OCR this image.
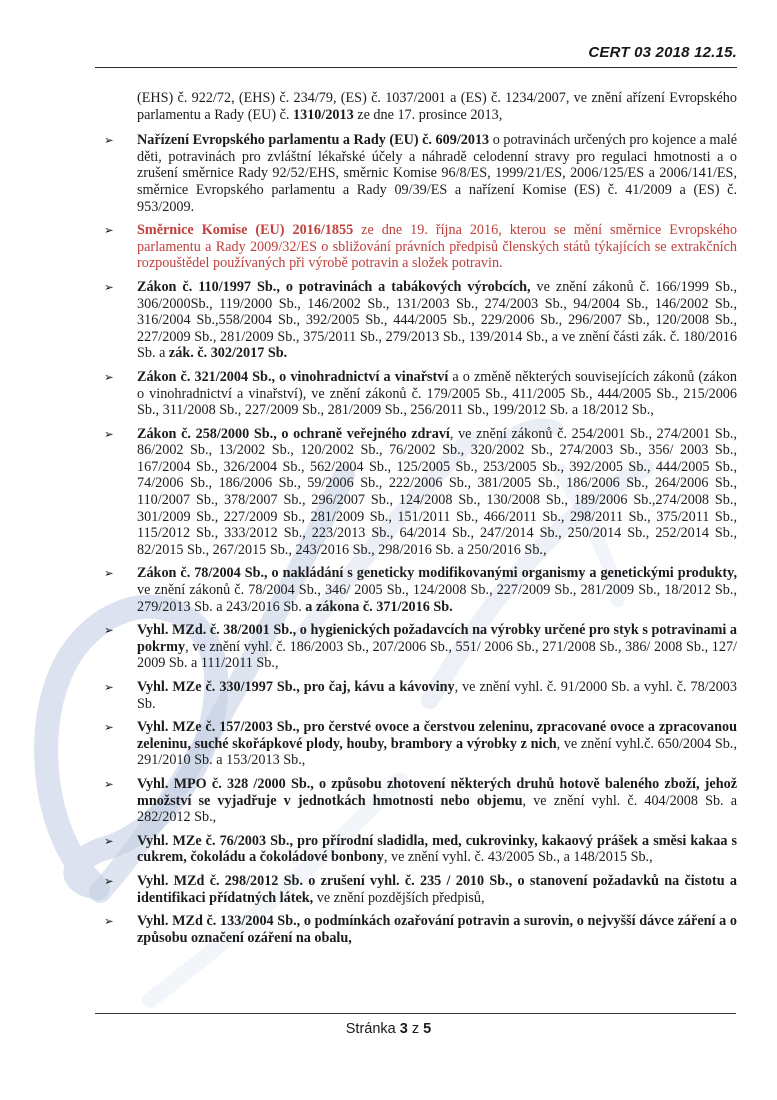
CERT 03 2018 12.15.
(EHS) č. 922/72, (EHS) č. 234/79, (ES) č. 1037/2001 a (ES) č. 1234/2007, ve znění ařízení Evropského parlamentu a Rady (EU) č. 1310/2013 ze dne 17. prosince 2013,
➢ Nařízení Evropského parlamentu a Rady (EU) č. 609/2013 o potravinách určených pro kojence a malé děti, potravinách pro zvláštní lékařské účely a náhradě celodenní stravy pro regulaci hmotnosti a o zrušení směrnice Rady 92/52/EHS, směrnic Komise 96/8/ES, 1999/21/ES, 2006/125/ES a 2006/141/ES, směrnice Evropského parlamentu a Rady 09/39/ES a nařízení Komise (ES) č. 41/2009 a (ES) č. 953/2009.
➢ Směrnice Komise (EU) 2016/1855 ze dne 19. října 2016, kterou se mění směrnice Evropského parlamentu a Rady 2009/32/ES o sbližování právních předpisů členských států týkajících se extrakčních rozpouštědel používaných při výrobě potravin a složek potravin.
➢ Zákon č. 110/1997 Sb., o potravinách a tabákových výrobcích, ve znění zákonů č. 166/1999 Sb., 306/2000Sb., 119/2000 Sb., 146/2002 Sb., 131/2003 Sb., 274/2003 Sb., 94/2004 Sb., 146/2002 Sb., 316/2004 Sb.,558/2004 Sb., 392/2005 Sb., 444/2005 Sb., 229/2006 Sb., 296/2007 Sb., 120/2008 Sb., 227/2009 Sb., 281/2009 Sb., 375/2011 Sb., 279/2013 Sb., 139/2014 Sb., a ve znění části zák. č. 180/2016 Sb. a zák. č. 302/2017 Sb.
➢ Zákon č. 321/2004 Sb., o vinohradnictví a vinařství a o změně některých souvisejících zákonů (zákon o vinohradnictví a vinařství), ve znění zákonů č. 179/2005 Sb., 411/2005 Sb., 444/2005 Sb., 215/2006 Sb., 311/2008 Sb., 227/2009 Sb., 281/2009 Sb., 256/2011 Sb., 199/2012 Sb. a 18/2012 Sb.,
➢ Zákon č. 258/2000 Sb., o ochraně veřejného zdraví, ve znění zákonů č. 254/2001 Sb., 274/2001 Sb., 86/2002 Sb., 13/2002 Sb., 120/2002 Sb., 76/2002 Sb., 320/2002 Sb., 274/2003 Sb., 356/ 2003 Sb., 167/2004 Sb., 326/2004 Sb., 562/2004 Sb., 125/2005 Sb., 253/2005 Sb., 392/2005 Sb., 444/2005 Sb., 74/2006 Sb., 186/2006 Sb., 59/2006 Sb., 222/2006 Sb., 381/2005 Sb., 186/2006 Sb., 264/2006 Sb., 110/2007 Sb., 378/2007 Sb., 296/2007 Sb., 124/2008 Sb., 130/2008 Sb., 189/2006 Sb.,274/2008 Sb., 301/2009 Sb., 227/2009 Sb., 281/2009 Sb., 151/2011 Sb., 466/2011 Sb., 298/2011 Sb., 375/2011 Sb., 115/2012 Sb., 333/2012 Sb., 223/2013 Sb., 64/2014 Sb., 247/2014 Sb., 250/2014 Sb., 252/2014 Sb., 82/2015 Sb., 267/2015 Sb., 243/2016 Sb., 298/2016 Sb. a 250/2016 Sb.,
➢ Zákon č. 78/2004 Sb., o nakládání s geneticky modifikovanými organismy a genetickými produkty, ve znění zákonů č. 78/2004 Sb., 346/ 2005 Sb., 124/2008 Sb., 227/2009 Sb., 281/2009 Sb., 18/2012 Sb., 279/2013 Sb. a 243/2016 Sb. a zákona č. 371/2016 Sb.
➢ Vyhl. MZd. č. 38/2001 Sb., o hygienických požadavcích na výrobky určené pro styk s potravinami a pokrmy, ve znění vyhl. č. 186/2003 Sb., 207/2006 Sb., 551/ 2006 Sb., 271/2008 Sb., 386/ 2008 Sb., 127/ 2009 Sb. a 111/2011 Sb.,
➢ Vyhl. MZe č. 330/1997 Sb., pro čaj, kávu a kávoviny, ve znění vyhl. č. 91/2000 Sb. a vyhl. č. 78/2003 Sb.
➢ Vyhl. MZe č. 157/2003 Sb., pro čerstvé ovoce a čerstvou zeleninu, zpracované ovoce a zpracovanou zeleninu, suché skořápkové plody, houby, brambory a výrobky z nich, ve znění vyhl.č. 650/2004 Sb., 291/2010 Sb. a 153/2013 Sb.,
➢ Vyhl. MPO č. 328 /2000 Sb., o způsobu zhotovení některých druhů hotově baleného zboží, jehož množství se vyjadřuje v jednotkách hmotnosti nebo objemu, ve znění vyhl. č. 404/2008 Sb. a 282/2012 Sb.,
➢ Vyhl. MZe č. 76/2003 Sb., pro přírodní sladidla, med, cukrovinky, kakaový prášek a směsi kakaa s cukrem, čokoládu a čokoládové bonbony, ve znění vyhl. č. 43/2005 Sb., a 148/2015 Sb.,
➢ Vyhl. MZd č. 298/2012 Sb. o zrušení vyhl. č. 235 / 2010 Sb., o stanovení požadavků na čistotu a identifikaci přídatných látek, ve znění pozdějších předpisů,
➢ Vyhl. MZd č. 133/2004 Sb., o podmínkách ozařování potravin a surovin, o nejvyšší dávce záření a o způsobu označení ozáření na obalu,
Stránka 3 z 5
